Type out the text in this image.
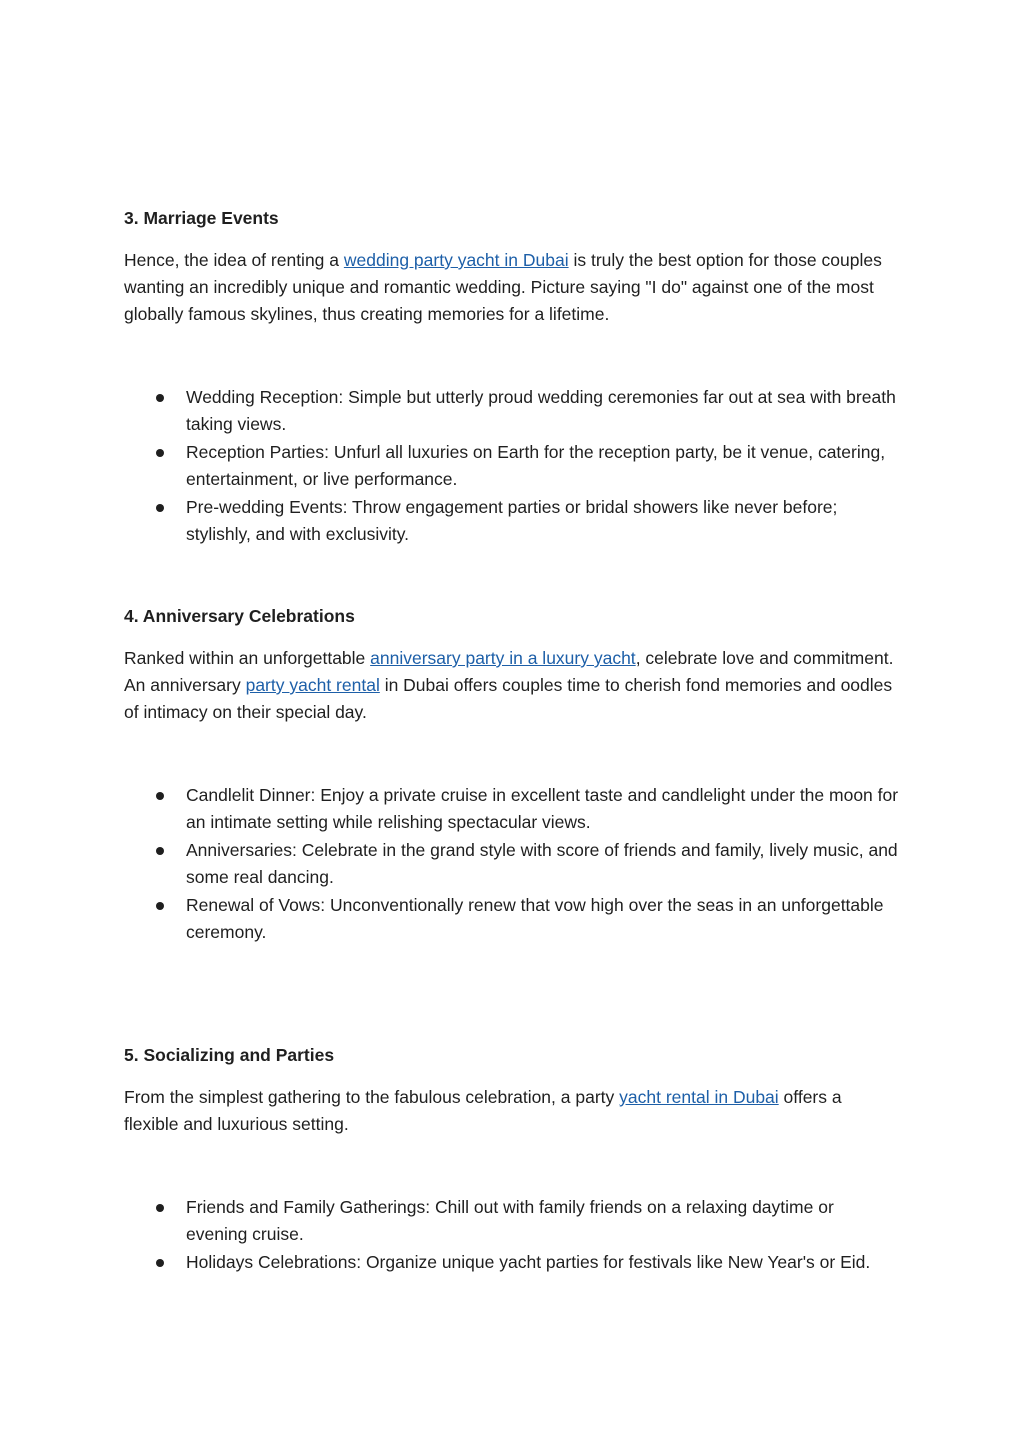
3. Marriage Events

Hence, the idea of renting a wedding party yacht in Dubai is truly the best option for those couples wanting an incredibly unique and romantic wedding. Picture saying "I do" against one of the most globally famous skylines, thus creating memories for a lifetime.

Wedding Reception: Simple but utterly proud wedding ceremonies far out at sea with breath taking views.
Reception Parties: Unfurl all luxuries on Earth for the reception party, be it venue, catering, entertainment, or live performance.
Pre-wedding Events: Throw engagement parties or bridal showers like never before; stylishly, and with exclusivity.

4. Anniversary Celebrations

Ranked within an unforgettable anniversary party in a luxury yacht, celebrate love and commitment. An anniversary party yacht rental in Dubai offers couples time to cherish fond memories and oodles of intimacy on their special day.

Candlelit Dinner: Enjoy a private cruise in excellent taste and candlelight under the moon for an intimate setting while relishing spectacular views.
Anniversaries: Celebrate in the grand style with score of friends and family, lively music, and some real dancing.
Renewal of Vows: Unconventionally renew that vow high over the seas in an unforgettable ceremony.

5. Socializing and Parties

From the simplest gathering to the fabulous celebration, a party yacht rental in Dubai offers a flexible and luxurious setting.

Friends and Family Gatherings: Chill out with family friends on a relaxing daytime or evening cruise.
Holidays Celebrations: Organize unique yacht parties for festivals like New Year's or Eid.
